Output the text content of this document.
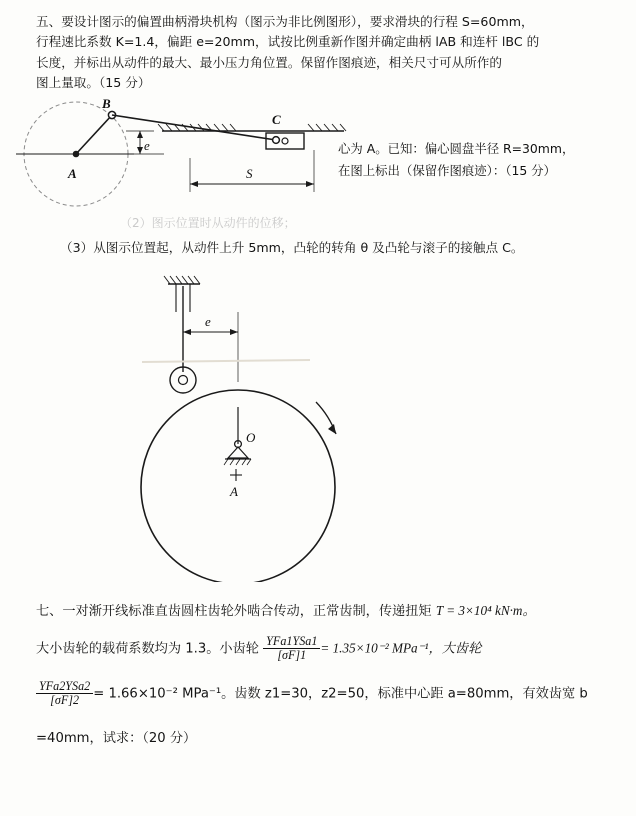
五、要设计图示的偏置曲柄滑块机构（图示为非比例图形），要求滑块的行程 S=60mm，
行程速比系数 K=1.4，偏距 e=20mm，试按比例重新作图并确定曲柄 lAB 和连杆 lBC 的
长度，并标出从动件的最大、最小压力角位置。保留作图痕迹，相关尺寸可从所作的
图上量取。（15 分）
B
C
A
e
S
心为 A。已知：偏心圆盘半径 R=30mm，
在图上标出（保留作图痕迹）：（15 分）
（2）图示位置时从动件的位移；
（3）从图示位置起，从动件上升 5mm，凸轮的转角 θ 及凸轮与滚子的接触点 C。
e
O
A
七、一对渐开线标准直齿圆柱齿轮外啮合传动，正常齿制，传递扭矩 T = 3×10⁴ kN·m。
大小齿轮的载荷系数均为 1.3。小齿轮 $\frac{\text{YFa1YSa1}}{[\sigma F]1} = 1.35\times 10^{-2}$ MPa⁻¹，大齿轮
$\frac{\text{YFa2YSa2}}{[\sigma F]2} = 1.66\times 10^{-2}$ MPa⁻¹。齿数 z1=30，z2=50，标准中心距 a=80mm，有效齿宽 b
=40mm，试求：（20 分）
